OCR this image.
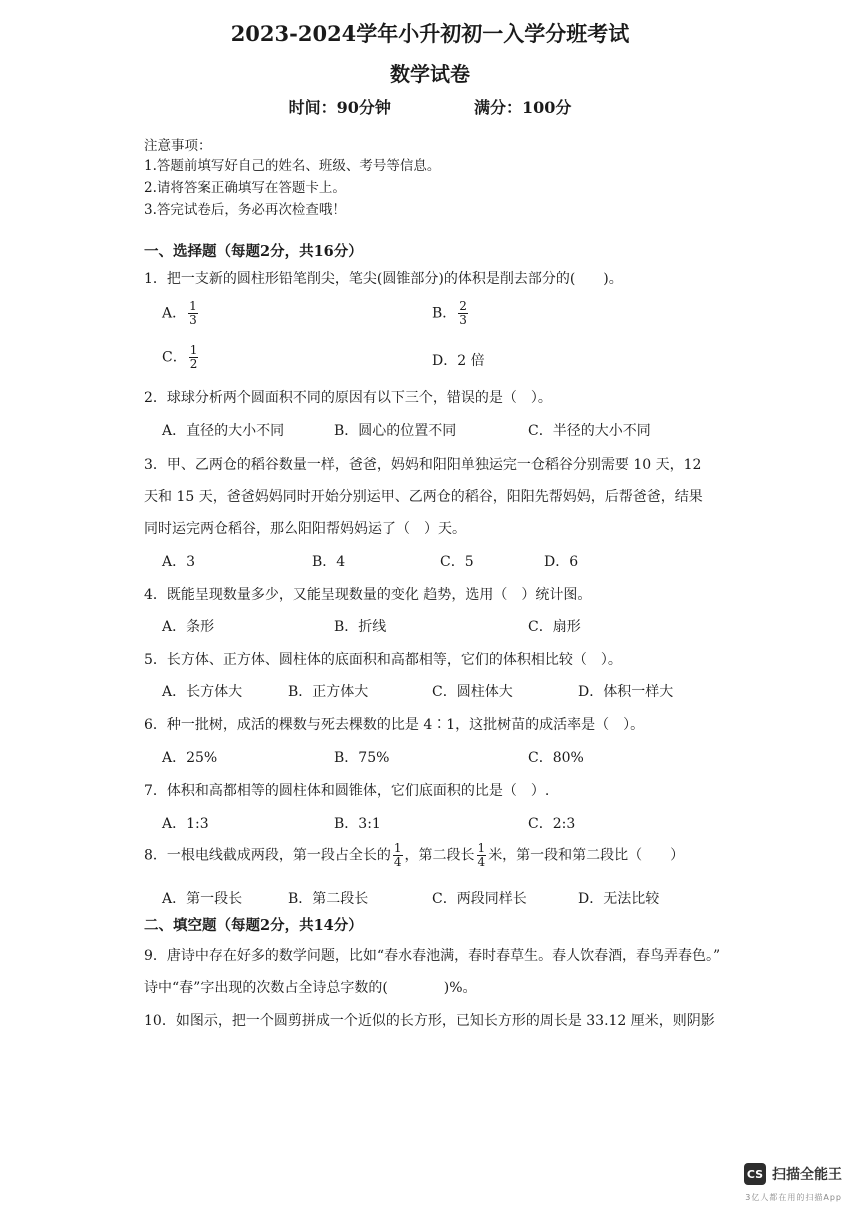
2023-2024学年小升初初一入学分班考试
数学试卷
时间：90分钟	满分：100分
注意事项：
1.答题前填写好自己的姓名、班级、考号等信息。
2.请将答案正确填写在答题卡上。
3.答完试卷后，务必再次检查哦！
一、选择题（每题2分，共16分）
1．把一支新的圆柱形铅笔削尖，笔尖(圆锥部分)的体积是削去部分的(　　)。
A． $\frac{1}{3}$	B． $\frac{2}{3}$
C． $\frac{1}{2}$	D．2 倍
2．球球分析两个圆面积不同的原因有以下三个，错误的是（　）。
A．直径的大小不同	B．圆心的位置不同	C．半径的大小不同
3．甲、乙两仓的稻谷数量一样，爸爸，妈妈和阳阳单独运完一仓稻谷分别需要 10 天，12
天和 15 天，爸爸妈妈同时开始分别运甲、乙两仓的稻谷，阳阳先帮妈妈，后帮爸爸，结果
同时运完两仓稻谷，那么阳阳帮妈妈运了（　）天。
A．3	B．4	C．5	D．6
4．既能呈现数量多少，又能呈现数量的变化 趋势，选用（　）统计图。
A．条形	B．折线	C．扇形
5．长方体、正方体、圆柱体的底面积和高都相等，它们的体积相比较（　）。
A．长方体大	B．正方体大	C．圆柱体大	D．体积一样大
6．种一批树，成活的棵数与死去棵数的比是 4∶1，这批树苗的成活率是（　）。
A．25%	B．75%	C．80%
7．体积和高都相等的圆柱体和圆锥体，它们底面积的比是（　）.
A．1:3	B．3:1	C．2:3
8．一根电线截成两段，第一段占全长的 $\frac{1}{4}$ ，第二段长 $\frac{1}{4}$ 米，第一段和第二段比（　　）
A．第一段长	B．第二段长	C．两段同样长	D．无法比较
二、填空题（每题2分，共14分）
9．唐诗中存在好多的数学问题，比如“春水春池满，春时春草生。春人饮春酒，春鸟弄春色。”
诗中“春”字出现的次数占全诗总字数的(　　　　)%。
10．如图示，把一个圆剪拼成一个近似的长方形，已知长方形的周长是 33.12 厘米，则阴影
CS 扫描全能王
3亿人都在用的扫描App
